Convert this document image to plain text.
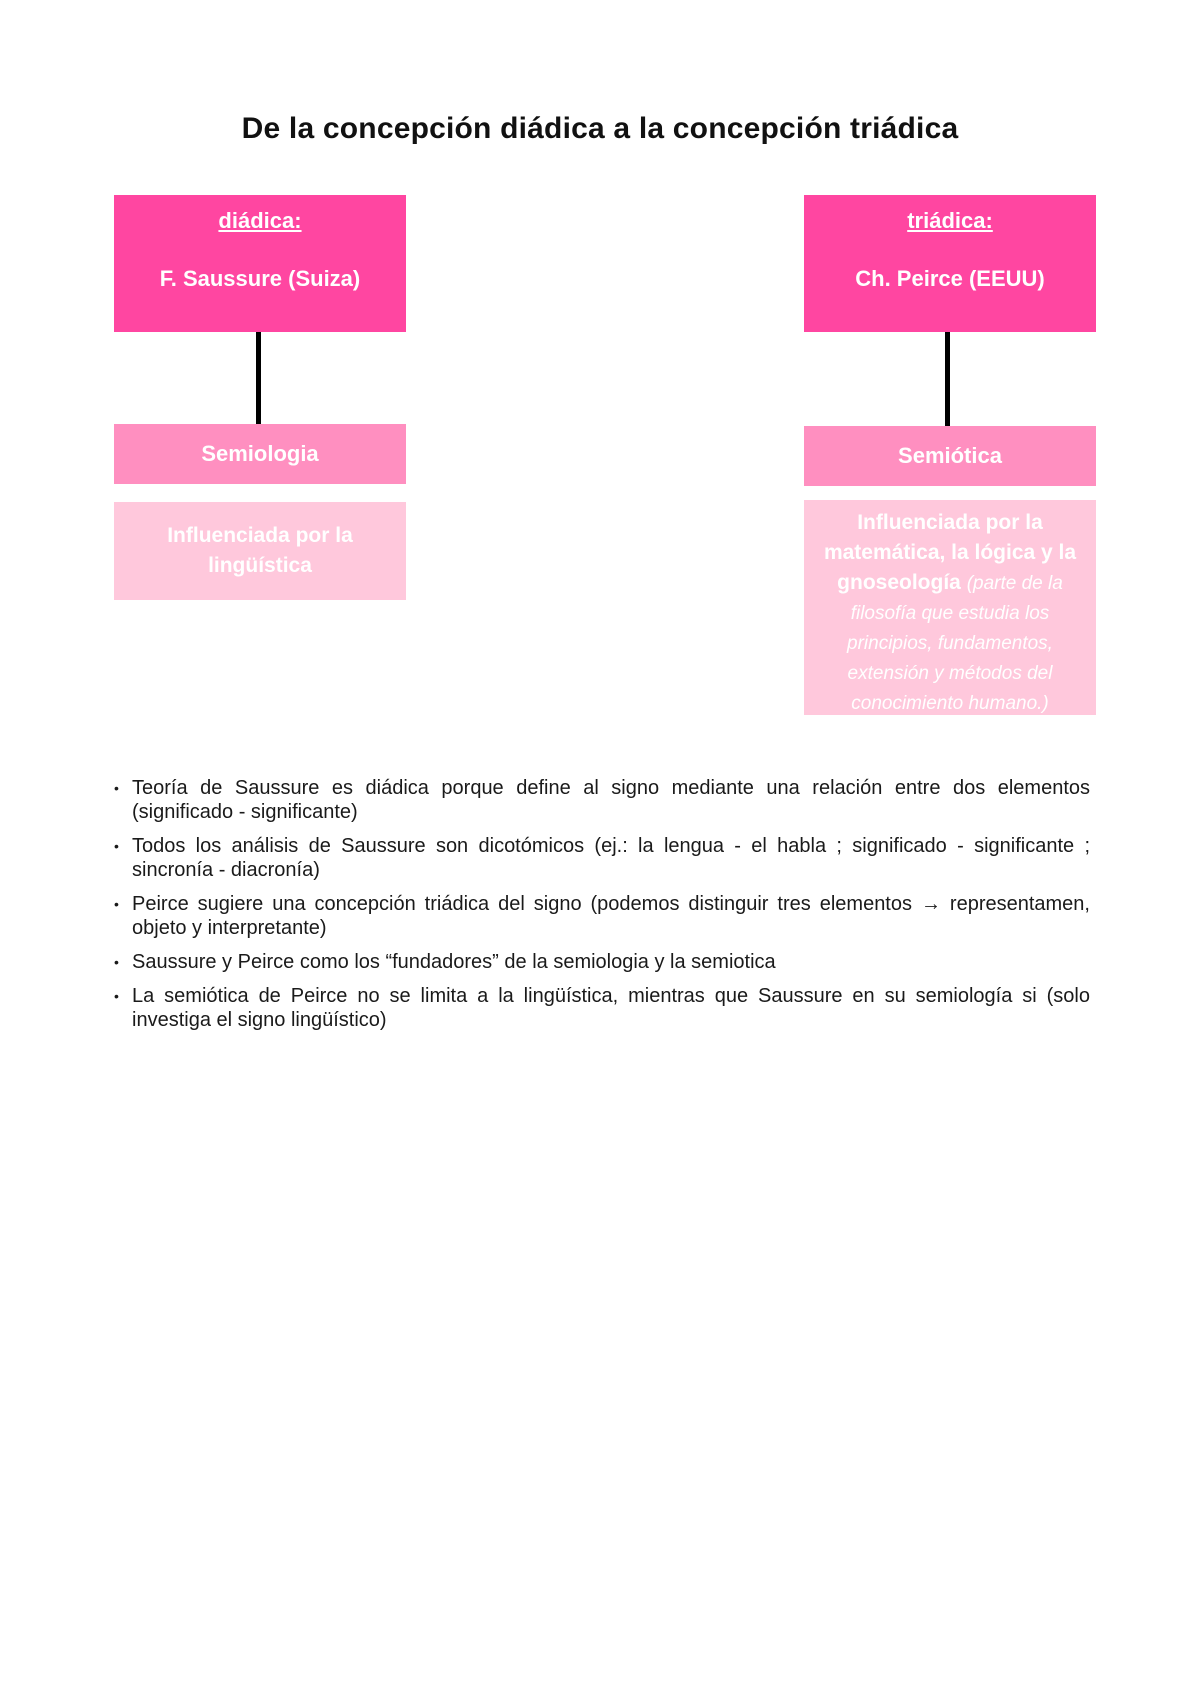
De la concepción diádica a la concepción triádica
diádica:
F. Saussure (Suiza)
Semiologia
Influenciada por la lingüística
triádica:
Ch. Peirce (EEUU)
Semiótica
Influenciada por la matemática, la lógica y la gnoseología (parte de la filosofía que estudia los principios, fundamentos, extensión y métodos del conocimiento humano.)
• Teoría de Saussure es diádica porque define al signo mediante una relación entre dos elementos (significado - significante)
• Todos los análisis de Saussure son dicotómicos (ej.: la lengua - el habla ; significado - significante ; sincronía - diacronía)
• Peirce sugiere una concepción triádica del signo (podemos distinguir tres elementos → representamen, objeto y interpretante)
• Saussure y Peirce como los “fundadores” de la semiologia y la semiotica
• La semiótica de Peirce no se limita a la lingüística, mientras que Saussure en su semiología si (solo investiga el signo lingüístico)
